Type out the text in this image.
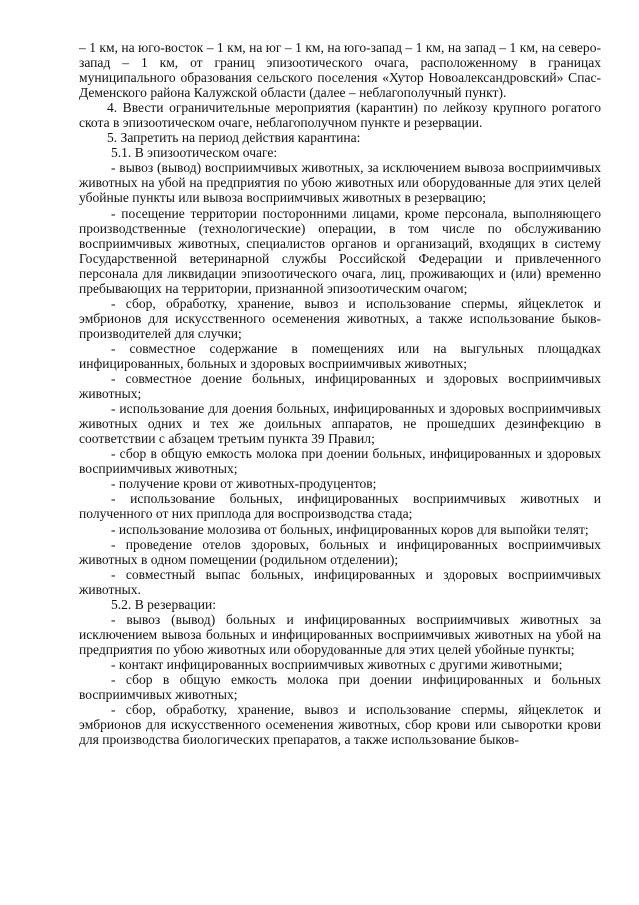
– 1 км, на юго-восток – 1 км, на юг – 1 км, на юго-запад – 1 км, на запад – 1 км, на северо-запад – 1 км, от границ эпизоотического очага, расположенному в границах муниципального образования сельского поселения «Хутор Новоалександровский» Спас-Деменского района Калужской области (далее – неблагополучный пункт).

4. Ввести ограничительные мероприятия (карантин) по лейкозу крупного рогатого скота в эпизоотическом очаге, неблагополучном пункте и резервации.

5. Запретить на период действия карантина:

5.1. В эпизоотическом очаге:

- вывоз (вывод) восприимчивых животных, за исключением вывоза восприимчивых животных на убой на предприятия по убою животных или оборудованные для этих целей убойные пункты или вывоза восприимчивых животных в резервацию;

- посещение территории посторонними лицами, кроме персонала, выполняющего производственные (технологические) операции, в том числе по обслуживанию восприимчивых животных, специалистов органов и организаций, входящих в систему Государственной ветеринарной службы Российской Федерации и привлеченного персонала для ликвидации эпизоотического очага, лиц, проживающих и (или) временно пребывающих на территории, признанной эпизоотическим очагом;

- сбор, обработку, хранение, вывоз и использование спермы, яйцеклеток и эмбрионов для искусственного осеменения животных, а также использование быков-производителей для случки;

- совместное содержание в помещениях или на выгульных площадках инфицированных, больных и здоровых восприимчивых животных;

- совместное доение больных, инфицированных и здоровых восприимчивых животных;

- использование для доения больных, инфицированных и здоровых восприимчивых животных одних и тех же доильных аппаратов, не прошедших дезинфекцию в соответствии с абзацем третьим пункта 39 Правил;

- сбор в общую емкость молока при доении больных, инфицированных и здоровых восприимчивых животных;

- получение крови от животных-продуцентов;

- использование больных, инфицированных восприимчивых животных и полученного от них приплода для воспроизводства стада;

- использование молозива от больных, инфицированных коров для выпойки телят;

- проведение отелов здоровых, больных и инфицированных восприимчивых животных в одном помещении (родильном отделении);

- совместный выпас больных, инфицированных и здоровых восприимчивых животных.

5.2. В резервации:

- вывоз (вывод) больных и инфицированных восприимчивых животных за исключением вывоза больных и инфицированных восприимчивых животных на убой на предприятия по убою животных или оборудованные для этих целей убойные пункты;

- контакт инфицированных восприимчивых животных с другими животными;

- сбор в общую емкость молока при доении инфицированных и больных восприимчивых животных;

- сбор, обработку, хранение, вывоз и использование спермы, яйцеклеток и эмбрионов для искусственного осеменения животных, сбор крови или сыворотки крови для производства биологических препаратов, а также использование быков-
